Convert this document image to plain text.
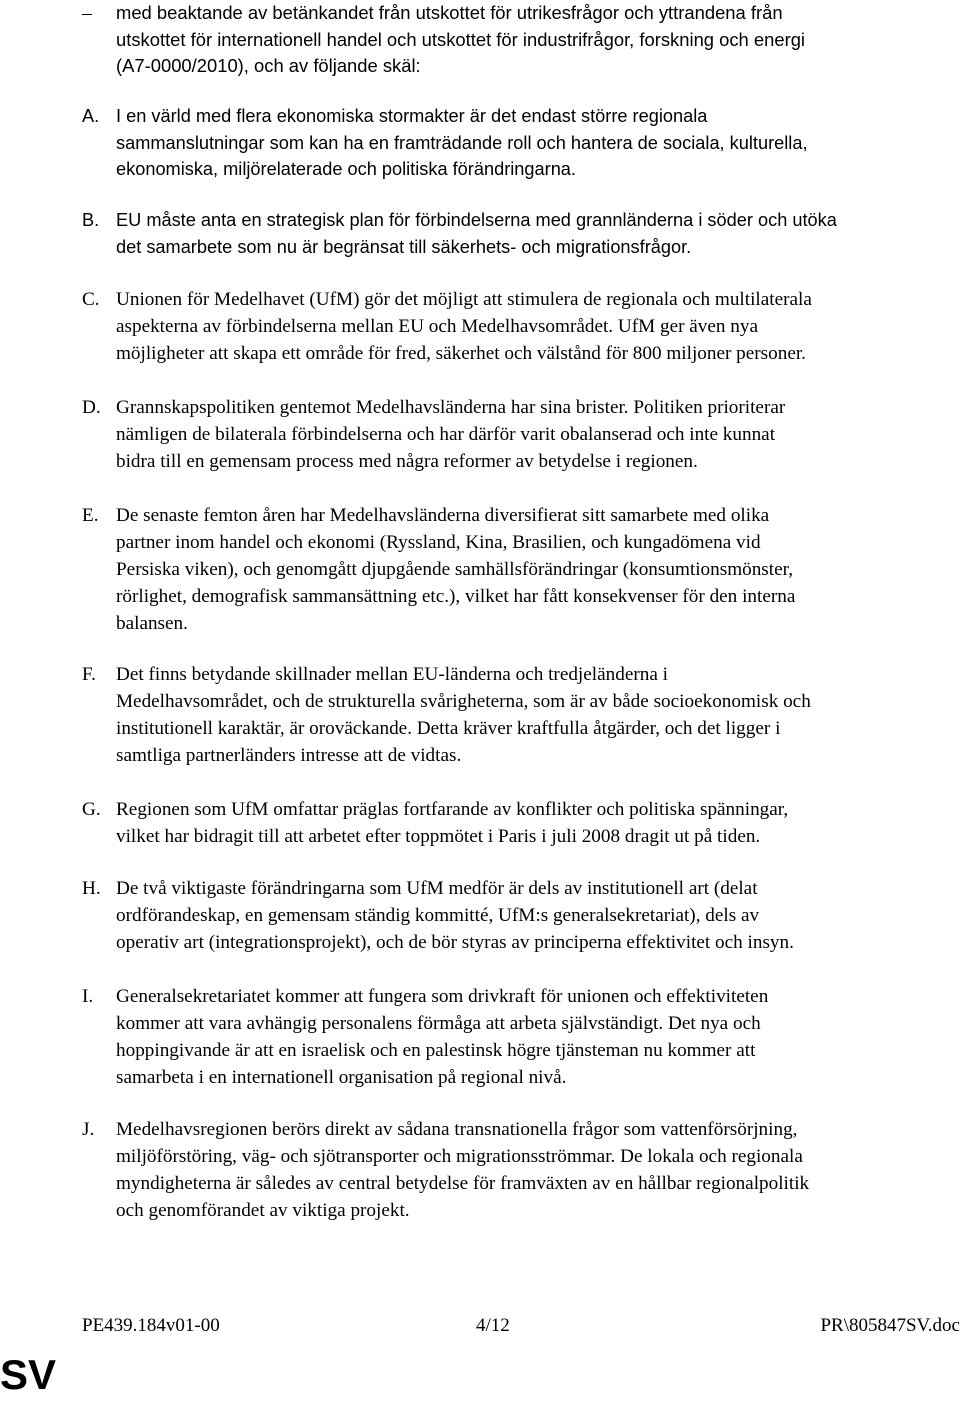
–	med beaktande av betänkandet från utskottet för utrikesfrågor och yttrandena från
utskottet för internationell handel och utskottet för industrifrågor, forskning och energi
(A7-0000/2010), och av följande skäl:
A. I en värld med flera ekonomiska stormakter är det endast större regionala
sammanslutningar som kan ha en framträdande roll och hantera de sociala, kulturella,
ekonomiska, miljörelaterade och politiska förändringarna.
B. EU måste anta en strategisk plan för förbindelserna med grannländerna i söder och utöka
det samarbete som nu är begränsat till säkerhets- och migrationsfrågor.
C. Unionen för Medelhavet (UfM) gör det möjligt att stimulera de regionala och multilaterala
aspekterna av förbindelserna mellan EU och Medelhavsområdet. UfM ger även nya
möjligheter att skapa ett område för fred, säkerhet och välstånd för 800 miljoner personer.
D. Grannskapspolitiken gentemot Medelhavsländerna har sina brister. Politiken prioriterar
nämligen de bilaterala förbindelserna och har därför varit obalanserad och inte kunnat
bidra till en gemensam process med några reformer av betydelse i regionen.
E. De senaste femton åren har Medelhavsländerna diversifierat sitt samarbete med olika
partner inom handel och ekonomi (Ryssland, Kina, Brasilien, och kungadömena vid
Persiska viken), och genomgått djupgående samhällsförändringar (konsumtionsmönster,
rörlighet, demografisk sammansättning etc.), vilket har fått konsekvenser för den interna
balansen.
F.	Det finns betydande skillnader mellan EU-länderna och tredjeländerna i
Medelhavsområdet, och de strukturella svårigheterna, som är av både socioekonomisk och
institutionell karaktär, är oroväckande. Detta kräver kraftfulla åtgärder, och det ligger i
samtliga partnerländers intresse att de vidtas.
G. Regionen som UfM omfattar präglas fortfarande av konflikter och politiska spänningar,
vilket har bidragit till att arbetet efter toppmötet i Paris i juli 2008 dragit ut på tiden.
H. De två viktigaste förändringarna som UfM medför är dels av institutionell art (delat
ordförandeskap, en gemensam ständig kommitté, UfM:s generalsekretariat), dels av
operativ art (integrationsprojekt), och de bör styras av principerna effektivitet och insyn.
I.	Generalsekretariatet kommer att fungera som drivkraft för unionen och effektiviteten
kommer att vara avhängig personalens förmåga att arbeta självständigt. Det nya och
hoppingivande är att en israelisk och en palestinsk högre tjänsteman nu kommer att
samarbeta i en internationell organisation på regional nivå.
J.	Medelhavsregionen berörs direkt av sådana transnationella frågor som vattenförsörjning,
miljöförstöring, väg- och sjötransporter och migrationsströmmar. De lokala och regionala
myndigheterna är således av central betydelse för framväxten av en hållbar regionalpolitik
och genomförandet av viktiga projekt.
PE439.184v01-00	4/12	PR\805847SV.doc
SV
